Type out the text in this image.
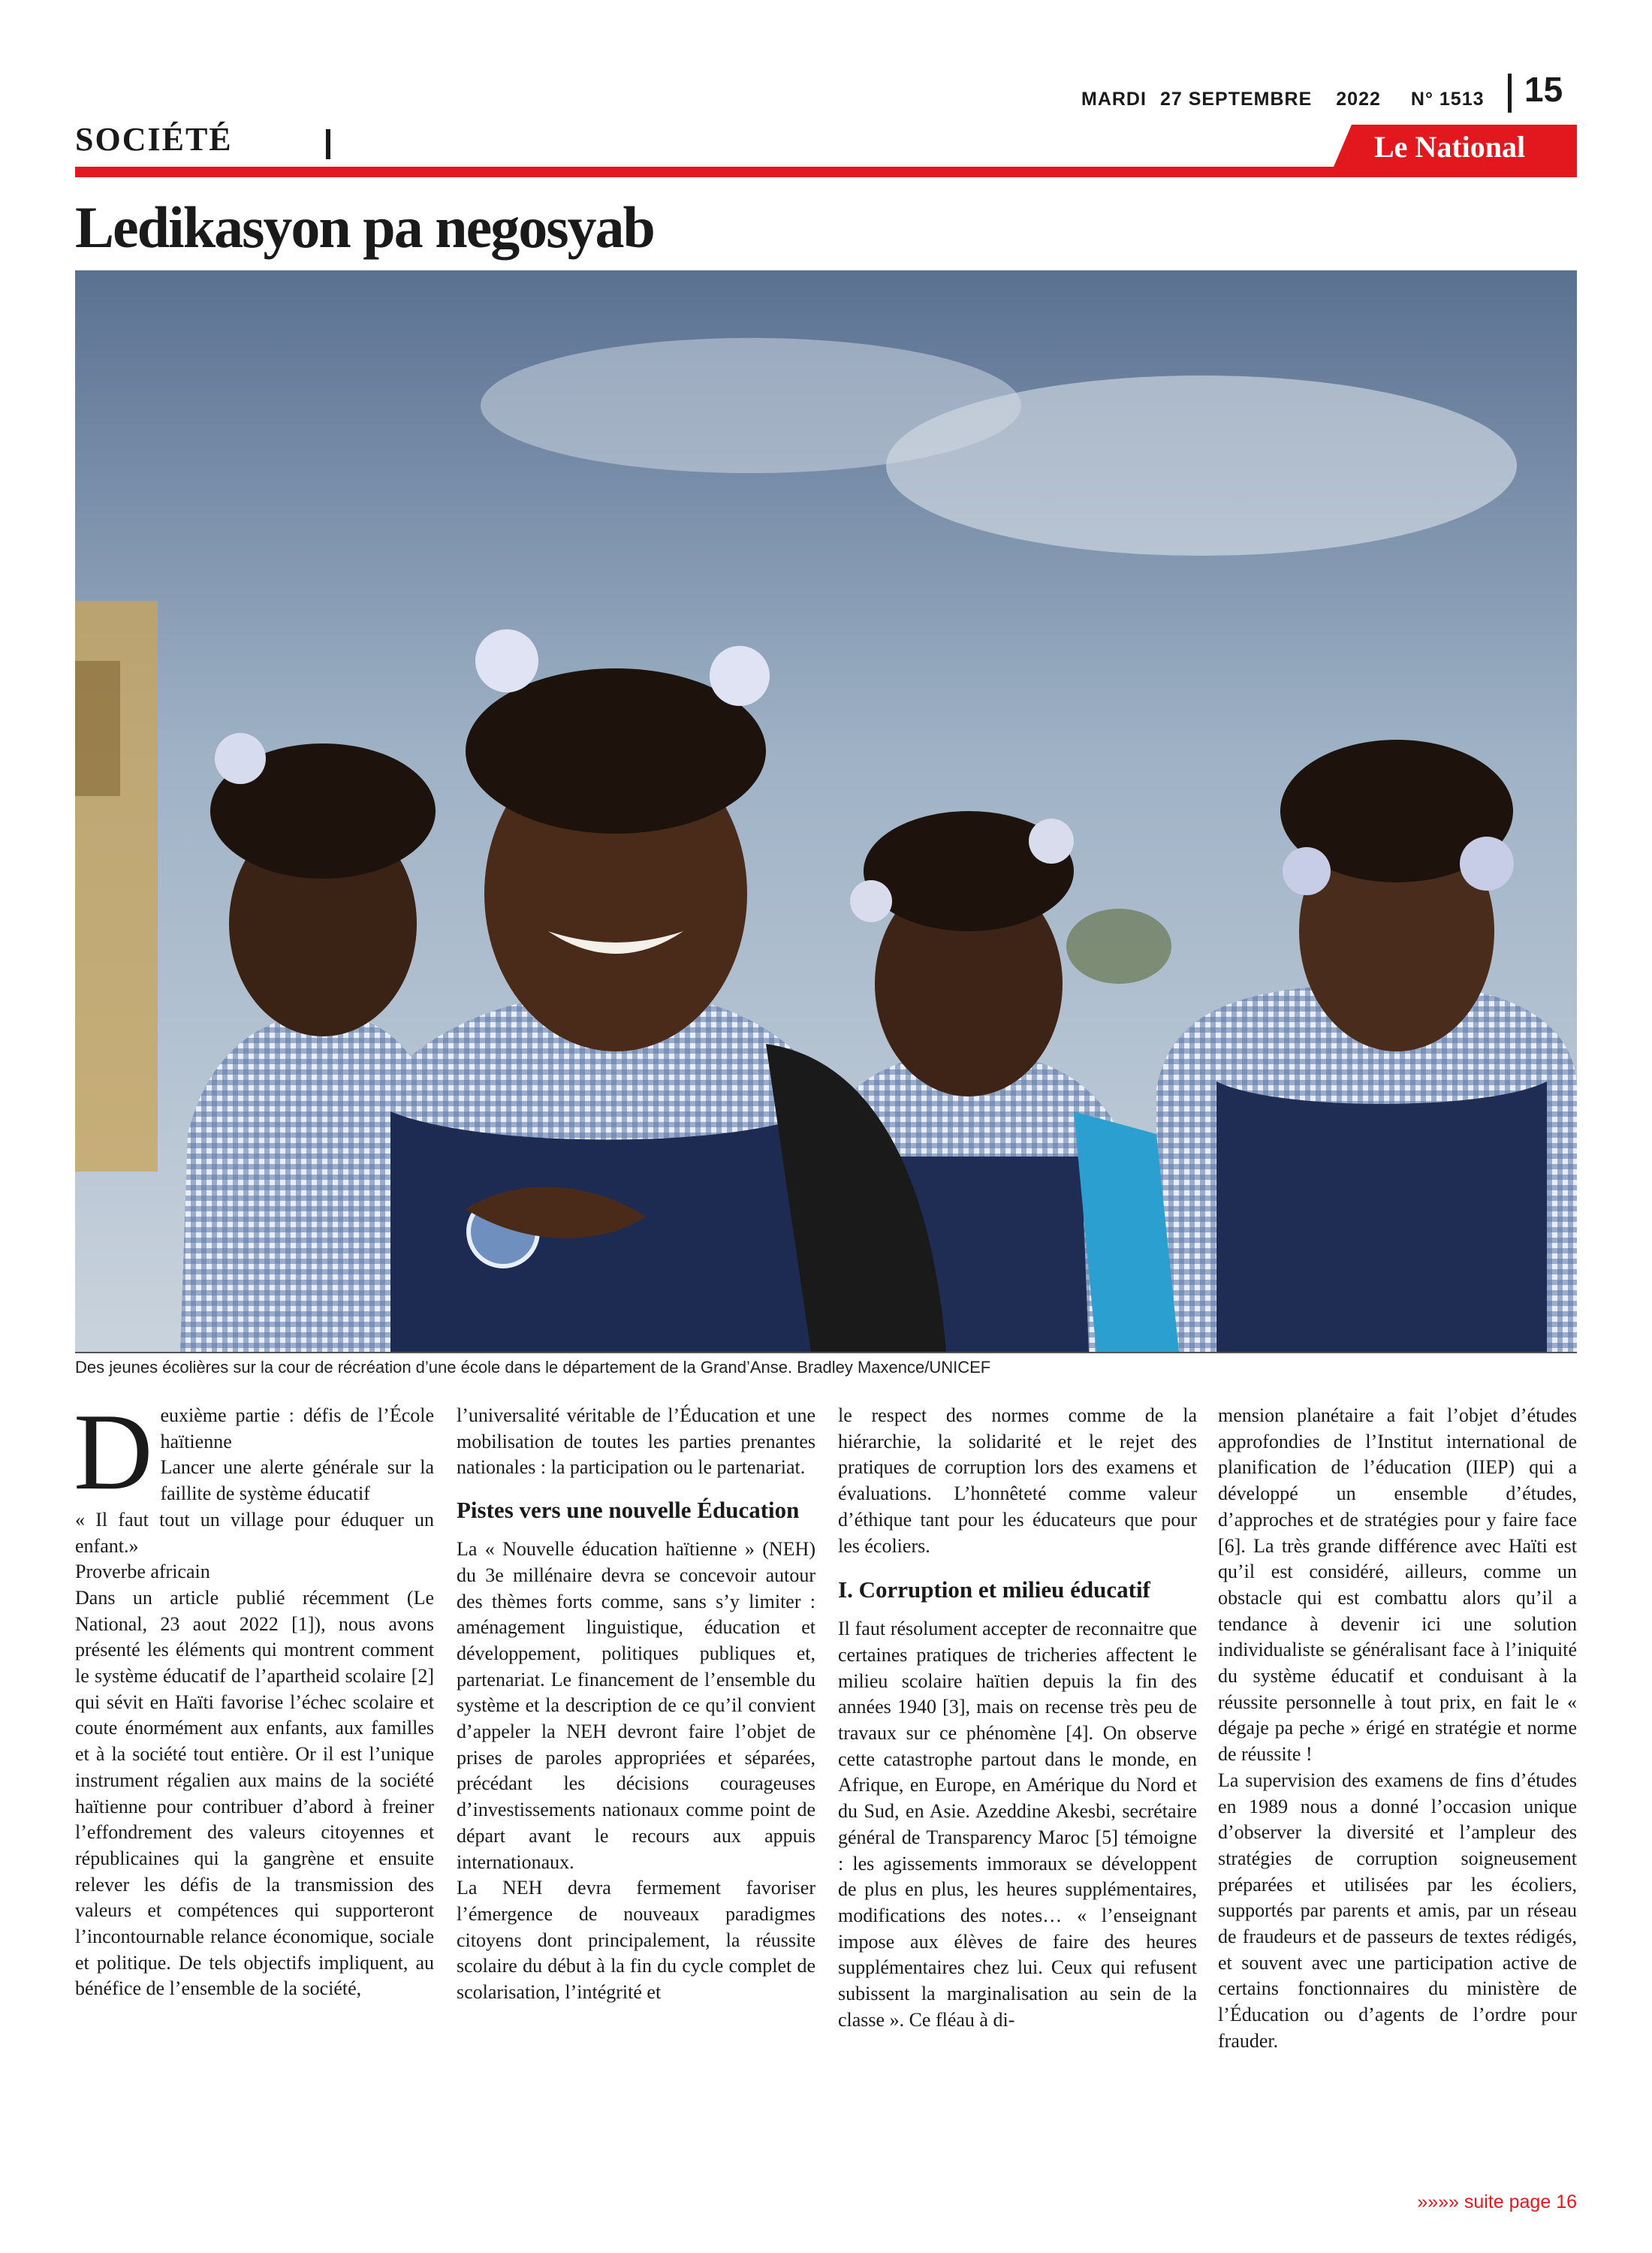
MARDI 27 SEPTEMBRE 2022 N° 1513 15
SOCIÉTÉ	Le National
Ledikasyon pa negosyab
Des jeunes écolières sur la cour de récréation d’une école dans le département de la Grand’Anse. Bradley Maxence/UNICEF
D euxième partie : défis de l’École haïtienne

Lancer une alerte générale sur la faillite de système éducatif

« Il faut tout un village pour éduquer un enfant.»

Proverbe africain

Dans un article publié récemment (Le National, 23 aout 2022 [1]), nous avons présenté les éléments qui montrent comment le système éducatif de l’apartheid scolaire [2] qui sévit en Haïti favorise l’échec scolaire et coute énormément aux enfants, aux familles et à la société tout entière. Or il est l’unique instrument régalien aux mains de la société haïtienne pour contribuer d’abord à freiner l’effondrement des valeurs citoyennes et républicaines qui la gangrène et ensuite relever les défis de la transmission des valeurs et compétences qui supporteront l’incontournable relance économique, sociale et politique. De tels objectifs impliquent, au bénéfice de l’ensemble de la société,

l’universalité véritable de l’Éducation et une mobilisation de toutes les parties prenantes nationales : la participation ou le partenariat.

Pistes vers une nouvelle Éducation

La « Nouvelle éducation haïtienne » (NEH) du 3e millénaire devra se concevoir autour des thèmes forts comme, sans s’y limiter : aménagement linguistique, éducation et développement, politiques publiques et, partenariat. Le financement de l’ensemble du système et la description de ce qu’il convient d’appeler la NEH devront faire l’objet de prises de paroles appropriées et séparées, précédant les décisions courageuses d’investissements nationaux comme point de départ avant le recours aux appuis internationaux.

La NEH devra fermement favoriser l’émergence de nouveaux paradigmes citoyens dont principalement, la réussite scolaire du début à la fin du cycle complet de scolarisation, l’intégrité et

le respect des normes comme de la hiérarchie, la solidarité et le rejet des pratiques de corruption lors des examens et évaluations. L’honnêteté comme valeur d’éthique tant pour les éducateurs que pour les écoliers.

I. Corruption et milieu éducatif

Il faut résolument accepter de reconnaitre que certaines pratiques de tricheries affectent le milieu scolaire haïtien depuis la fin des années 1940 [3], mais on recense très peu de travaux sur ce phénomène [4]. On observe cette catastrophe partout dans le monde, en Afrique, en Europe, en Amérique du Nord et du Sud, en Asie. Azeddine Akesbi, secrétaire général de Transparency Maroc [5] témoigne : les agissements immoraux se développent de plus en plus, les heures supplémentaires, modifications des notes… « l’enseignant impose aux élèves de faire des heures supplémentaires chez lui. Ceux qui refusent subissent la marginalisation au sein de la classe ». Ce fléau à di-

mension planétaire a fait l’objet d’études approfondies de l’Institut international de planification de l’éducation (IIEP) qui a développé un ensemble d’études, d’approches et de stratégies pour y faire face [6]. La très grande différence avec Haïti est qu’il est considéré, ailleurs, comme un obstacle qui est combattu alors qu’il a tendance à devenir ici une solution individualiste se généralisant face à l’iniquité du système éducatif et conduisant à la réussite personnelle à tout prix, en fait le « dégaje pa peche » érigé en stratégie et norme de réussite !

La supervision des examens de fins d’études en 1989 nous a donné l’occasion unique d’observer la diversité et l’ampleur des stratégies de corruption soigneusement préparées et utilisées par les écoliers, supportés par parents et amis, par un réseau de fraudeurs et de passeurs de textes rédigés, et souvent avec une participation active de certains fonctionnaires du ministère de l’Éducation ou d’agents de l’ordre pour frauder.

»»»» suite page 16
